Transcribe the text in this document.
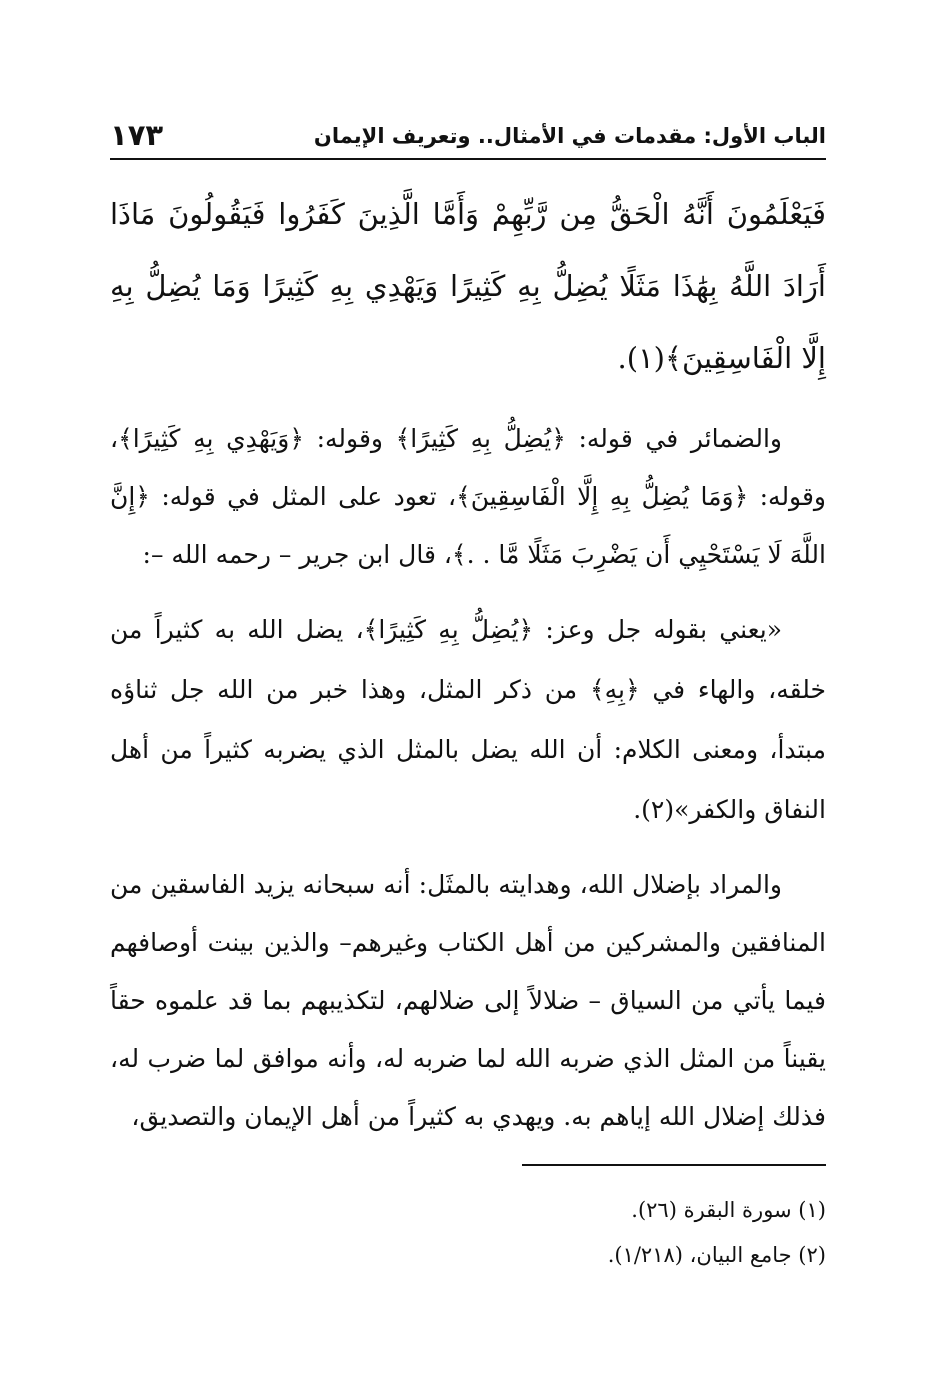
الباب الأول: مقدمات في الأمثال.. وتعريف الإيمان
١٧٣

فَيَعْلَمُونَ أَنَّهُ الْحَقُّ مِن رَّبِّهِمْ وَأَمَّا الَّذِينَ كَفَرُوا فَيَقُولُونَ مَاذَا أَرَادَ اللَّهُ بِهَٰذَا مَثَلًا يُضِلُّ بِهِ كَثِيرًا وَيَهْدِي بِهِ كَثِيرًا وَمَا يُضِلُّ بِهِ إِلَّا الْفَاسِقِينَ﴾(١).

والضمائر في قوله: ﴿يُضِلُّ بِهِ كَثِيرًا﴾ وقوله: ﴿وَيَهْدِي بِهِ كَثِيرًا﴾، وقوله: ﴿وَمَا يُضِلُّ بِهِ إِلَّا الْفَاسِقِينَ﴾، تعود على المثل في قوله: ﴿إِنَّ اللَّهَ لَا يَسْتَحْيِي أَن يَضْرِبَ مَثَلًا مَّا . .﴾، قال ابن جرير – رحمه الله –:

«يعني بقوله جل وعز: ﴿يُضِلُّ بِهِ كَثِيرًا﴾، يضل الله به كثيراً من خلقه، والهاء في ﴿بِهِ﴾ من ذكر المثل، وهذا خبر من الله جل ثناؤه مبتدأ، ومعنى الكلام: أن الله يضل بالمثل الذي يضربه كثيراً من أهل النفاق والكفر»(٢).

والمراد بإضلال الله، وهدايته بالمثَل: أنه سبحانه يزيد الفاسقين من المنافقين والمشركين من أهل الكتاب وغيرهم– والذين بينت أوصافهم فيما يأتي من السياق – ضلالاً إلى ضلالهم، لتكذيبهم بما قد علموه حقاً يقيناً من المثل الذي ضربه الله لما ضربه له، وأنه موافق لما ضرب له، فذلك إضلال الله إياهم به. ويهدي به كثيراً من أهل الإيمان والتصديق،

(١) سورة البقرة (٢٦).

(٢) جامع البيان، (١/٢١٨).
